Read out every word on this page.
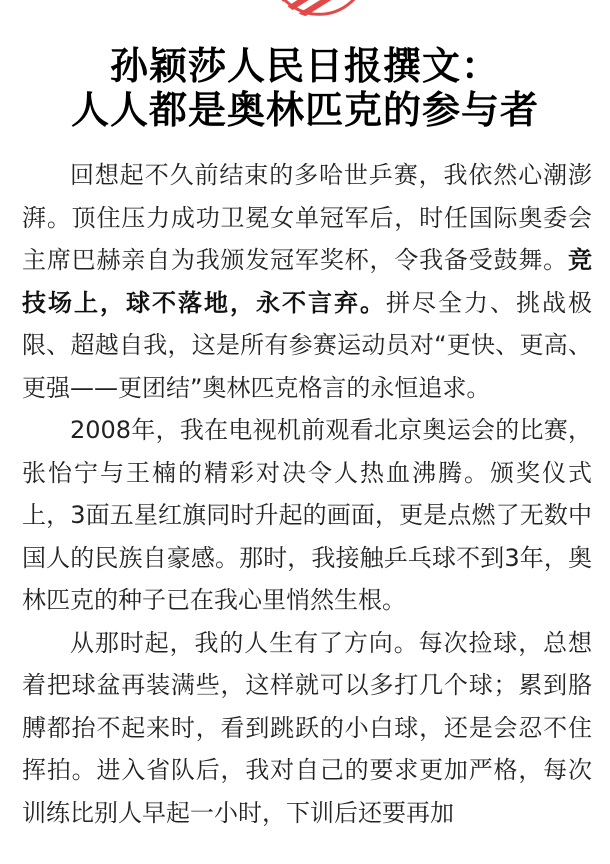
孙颖莎人民日报撰文：
人人都是奥林匹克的参与者

回想起不久前结束的多哈世乒赛，我依然心潮澎湃。顶住压力成功卫冕女单冠军后，时任国际奥委会主席巴赫亲自为我颁发冠军奖杯，令我备受鼓舞。竞技场上，球不落地，永不言弃。拼尽全力、挑战极限、超越自我，这是所有参赛运动员对“更快、更高、更强——更团结”奥林匹克格言的永恒追求。

2008年，我在电视机前观看北京奥运会的比赛，张怡宁与王楠的精彩对决令人热血沸腾。颁奖仪式上，3面五星红旗同时升起的画面，更是点燃了无数中国人的民族自豪感。那时，我接触乒乓球不到3年，奥林匹克的种子已在我心里悄然生根。

从那时起，我的人生有了方向。每次捡球，总想着把球盆再装满些，这样就可以多打几个球；累到胳膊都抬不起来时，看到跳跃的小白球，还是会忍不住挥拍。进入省队后，我对自己的要求更加严格，每次训练比别人早起一小时，下训后还要再加
